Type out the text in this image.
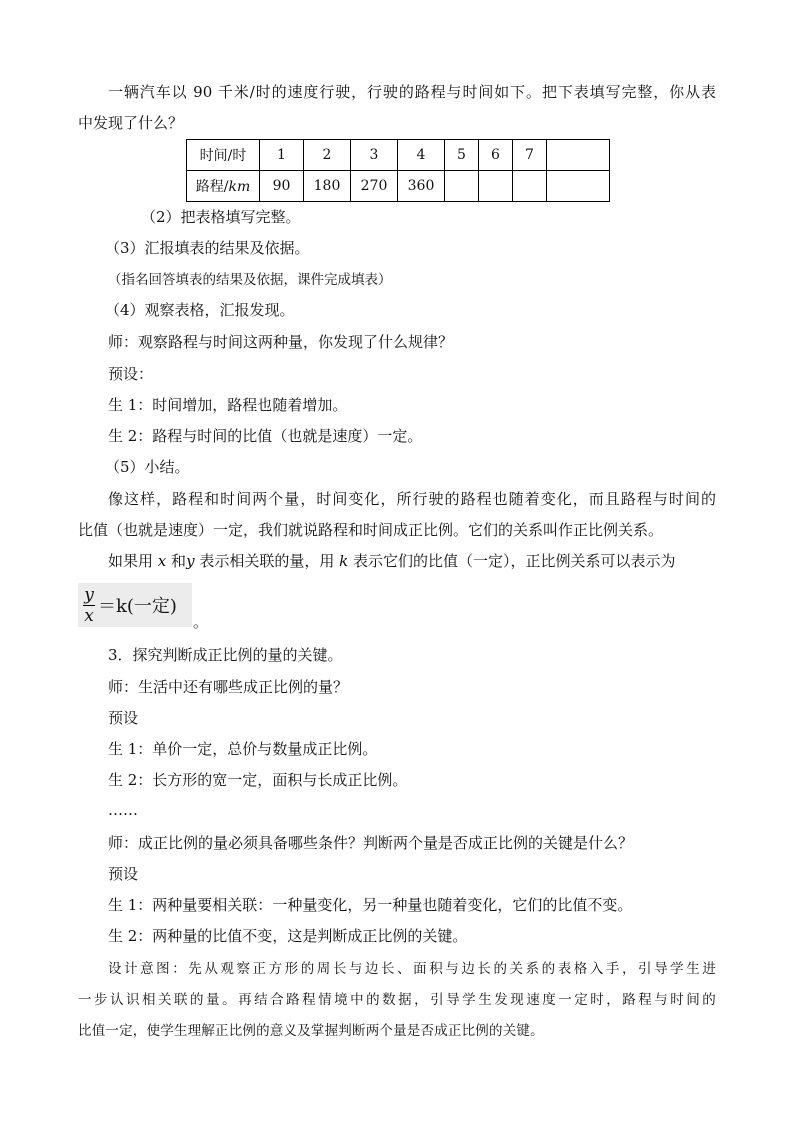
一辆汽车以 90 千米/时的速度行驶，行驶的路程与时间如下。把下表填写完整，你从表
中发现了什么？
时间/时	1	2	3	4	5	6	7	
路程/km	90	180	270	360				
（2）把表格填写完整。
（3）汇报填表的结果及依据。
（指名回答填表的结果及依据，课件完成填表）
（4）观察表格，汇报发现。
师：观察路程与时间这两种量，你发现了什么规律？
预设：
生 1：时间增加，路程也随着增加。
生 2：路程与时间的比值（也就是速度）一定。
（5）小结。
像这样，路程和时间两个量，时间变化，所行驶的路程也随着变化，而且路程与时间的
比值（也就是速度）一定，我们就说路程和时间成正比例。它们的关系叫作正比例关系。
如果用 x 和y 表示相关联的量，用 k 表示它们的比值（一定），正比例关系可以表示为
$\frac{y}{x} =k$(一定)
。
3．探究判断成正比例的量的关键。
师：生活中还有哪些成正比例的量？
预设
生 1：单价一定，总价与数量成正比例。
生 2：长方形的宽一定，面积与长成正比例。
……
师：成正比例的量必须具备哪些条件？判断两个量是否成正比例的关键是什么？
预设
生 1：两种量要相关联：一种量变化，另一种量也随着变化，它们的比值不变。
生 2：两种量的比值不变，这是判断成正比例的关键。
设计意图：先从观察正方形的周长与边长、面积与边长的关系的表格入手，引导学生进
一步认识相关联的量。再结合路程情境中的数据，引导学生发现速度一定时，路程与时间的
比值一定，使学生理解正比例的意义及掌握判断两个量是否成正比例的关键。
